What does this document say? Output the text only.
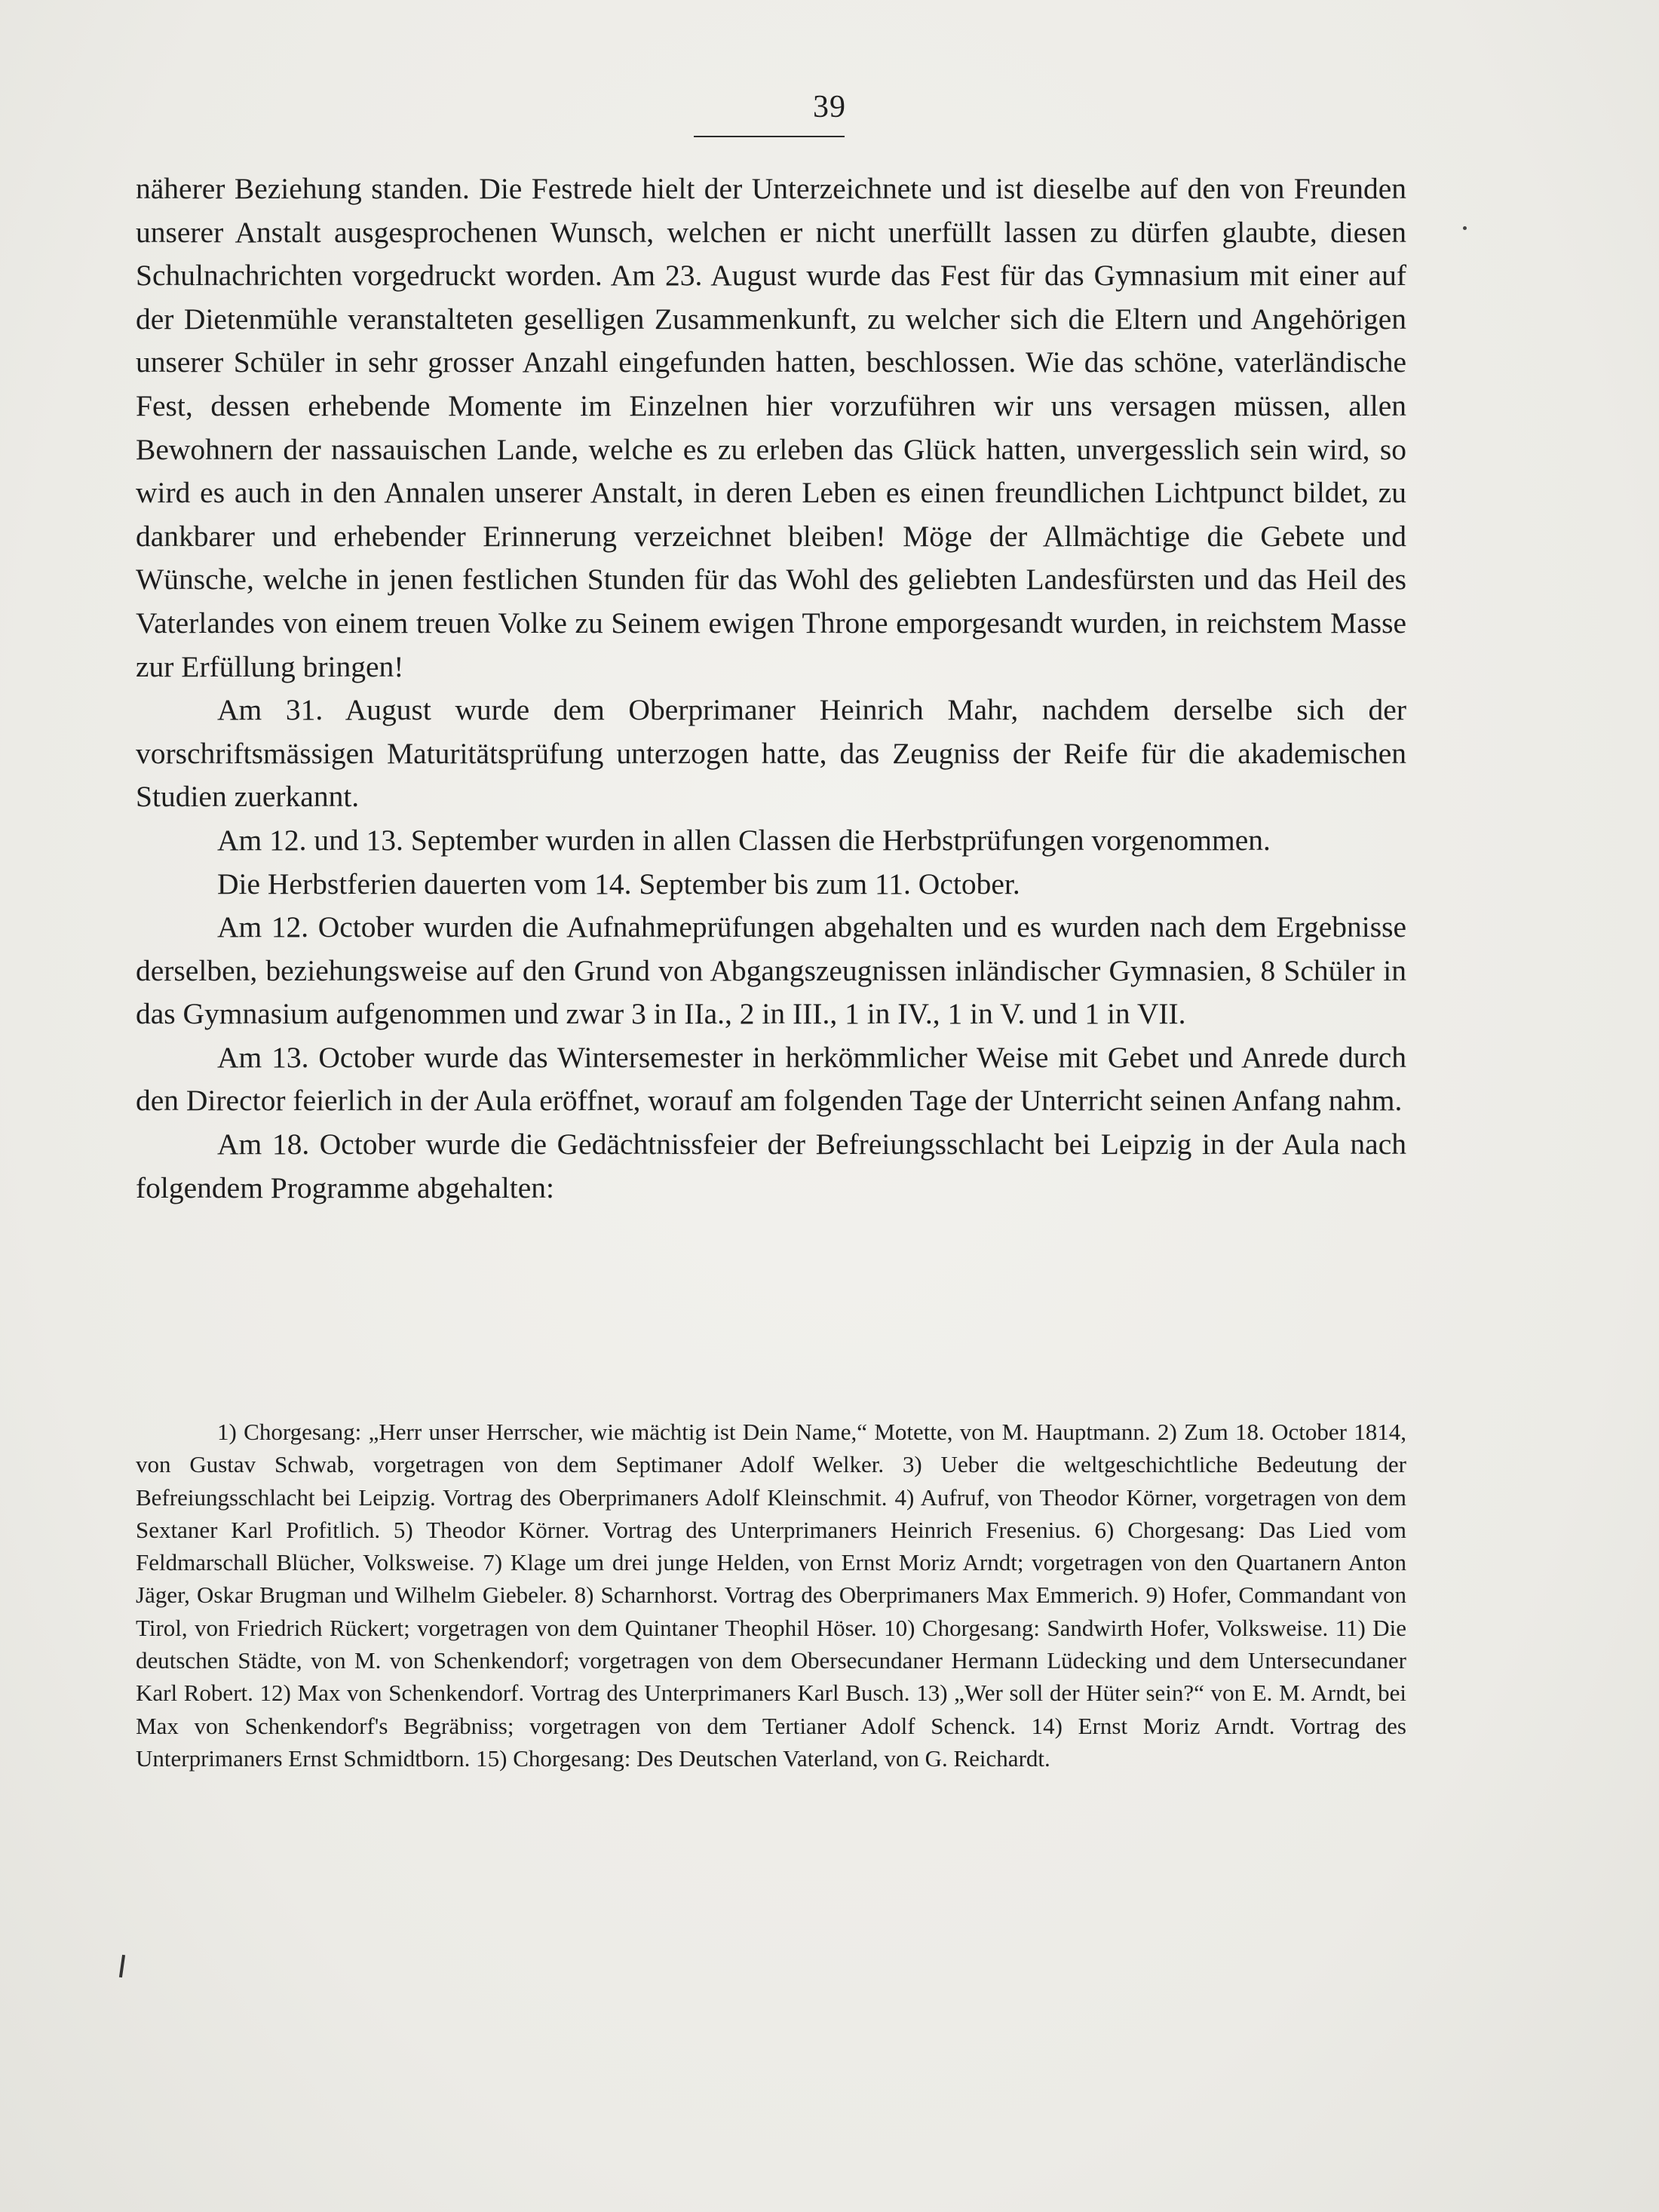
39

näherer Beziehung standen. Die Festrede hielt der Unterzeichnete und ist dieselbe auf den von Freunden unserer Anstalt ausgesprochenen Wunsch, welchen er nicht unerfüllt lassen zu dürfen glaubte, diesen Schulnachrichten vorgedruckt worden. Am 23. August wurde das Fest für das Gymnasium mit einer auf der Dietenmühle veranstalteten geselligen Zusammenkunft, zu welcher sich die Eltern und Angehörigen unserer Schüler in sehr grosser Anzahl eingefunden hatten, beschlossen. Wie das schöne, vaterländische Fest, dessen erhebende Momente im Einzelnen hier vorzuführen wir uns versagen müssen, allen Bewohnern der nassauischen Lande, welche es zu erleben das Glück hatten, unvergesslich sein wird, so wird es auch in den Annalen unserer Anstalt, in deren Leben es einen freundlichen Lichtpunct bildet, zu dankbarer und erhebender Erinnerung verzeichnet bleiben! Möge der Allmächtige die Gebete und Wünsche, welche in jenen festlichen Stunden für das Wohl des geliebten Landesfürsten und das Heil des Vaterlandes von einem treuen Volke zu Seinem ewigen Throne emporgesandt wurden, in reichstem Masse zur Erfüllung bringen!

Am 31. August wurde dem Oberprimaner Heinrich Mahr, nachdem derselbe sich der vorschriftsmässigen Maturitätsprüfung unterzogen hatte, das Zeugniss der Reife für die akademischen Studien zuerkannt.

Am 12. und 13. September wurden in allen Classen die Herbstprüfungen vorgenommen.

Die Herbstferien dauerten vom 14. September bis zum 11. October.

Am 12. October wurden die Aufnahmeprüfungen abgehalten und es wurden nach dem Ergebnisse derselben, beziehungsweise auf den Grund von Abgangszeugnissen inländischer Gymnasien, 8 Schüler in das Gymnasium aufgenommen und zwar 3 in IIa., 2 in III., 1 in IV., 1 in V. und 1 in VII.

Am 13. October wurde das Wintersemester in herkömmlicher Weise mit Gebet und Anrede durch den Director feierlich in der Aula eröffnet, worauf am folgenden Tage der Unterricht seinen Anfang nahm.

Am 18. October wurde die Gedächtnissfeier der Befreiungsschlacht bei Leipzig in der Aula nach folgendem Programme abgehalten:

1) Chorgesang: „Herr unser Herrscher, wie mächtig ist Dein Name,“ Motette, von M. Hauptmann. 2) Zum 18. October 1814, von Gustav Schwab, vorgetragen von dem Septimaner Adolf Welker. 3) Ueber die weltgeschichtliche Bedeutung der Befreiungsschlacht bei Leipzig. Vortrag des Oberprimaners Adolf Kleinschmit. 4) Aufruf, von Theodor Körner, vorgetragen von dem Sextaner Karl Profitlich. 5) Theodor Körner. Vortrag des Unterprimaners Heinrich Fresenius. 6) Chorgesang: Das Lied vom Feldmarschall Blücher, Volksweise. 7) Klage um drei junge Helden, von Ernst Moriz Arndt; vorgetragen von den Quartanern Anton Jäger, Oskar Brugman und Wilhelm Giebeler. 8) Scharnhorst. Vortrag des Oberprimaners Max Emmerich. 9) Hofer, Commandant von Tirol, von Friedrich Rückert; vorgetragen von dem Quintaner Theophil Höser. 10) Chorgesang: Sandwirth Hofer, Volksweise. 11) Die deutschen Städte, von M. von Schenkendorf; vorgetragen von dem Obersecundaner Hermann Lüdecking und dem Untersecundaner Karl Robert. 12) Max von Schenkendorf. Vortrag des Unterprimaners Karl Busch. 13) „Wer soll der Hüter sein?“ von E. M. Arndt, bei Max von Schenkendorf's Begräbniss; vorgetragen von dem Tertianer Adolf Schenck. 14) Ernst Moriz Arndt. Vortrag des Unterprimaners Ernst Schmidtborn. 15) Chorgesang: Des Deutschen Vaterland, von G. Reichardt.
